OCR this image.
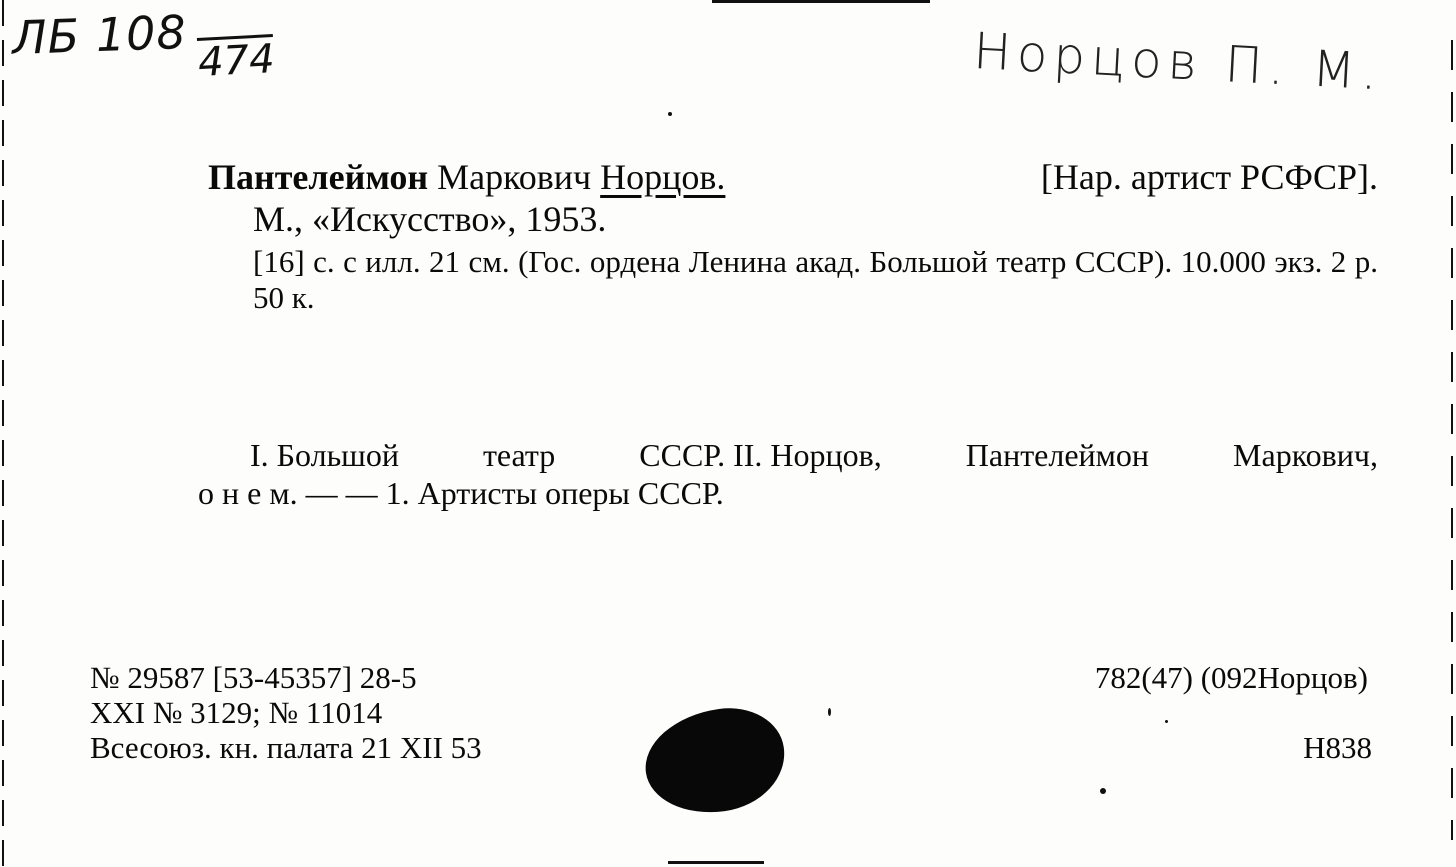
ЛБ 108 474	Норцов П. М.
Пантелеймон Маркович Норцов.	[Нар. артист РСФСР].
М., «Искусство», 1953.
[16] с. с илл. 21 см. (Гос. ордена Ленина акад. Большой театр СССР). 10.000 экз. 2 р. 50 к.
I. Большой	театр	СССР. II. Норцов,	Пантелеймон	Маркович,
о н е м. — — 1. Артисты оперы СССР.
№ 29587 [53-45357] 28-5
XXI № 3129; № 11014
Всесоюз. кн. палата 21 XII 53
782(47) (092Норцов)
Н838
